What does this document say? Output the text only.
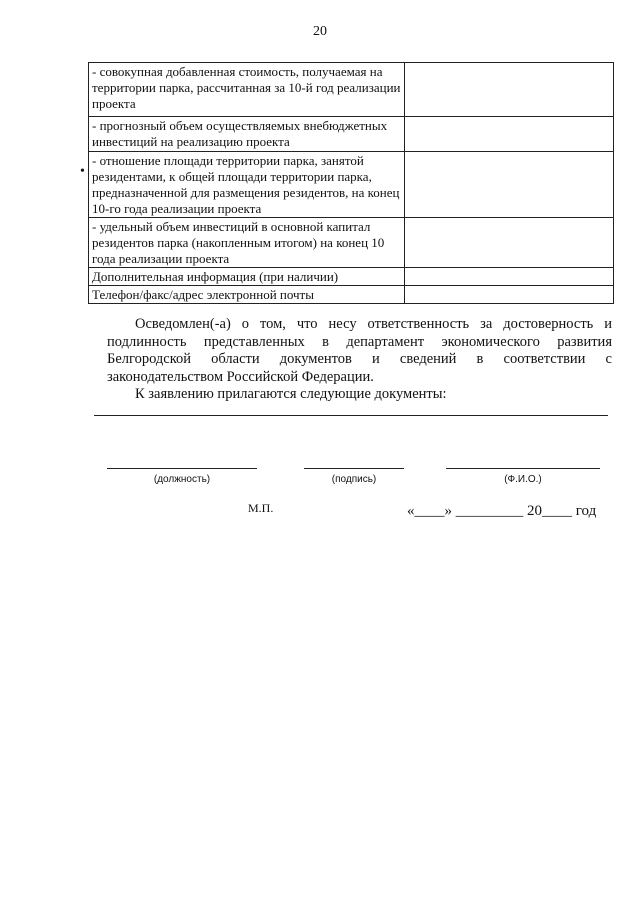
20
- совокупная добавленная стоимость, получаемая на территории парка, рассчитанная за 10-й год реализации проекта	
- прогнозный объем осуществляемых внебюджетных инвестиций на реализацию проекта	
- отношение площади территории парка, занятой резидентами, к общей площади территории парка, предназначенной для размещения резидентов, на конец 10-го года реализации проекта	
- удельный объем инвестиций в основной капитал резидентов парка (накопленным итогом) на конец 10 года реализации проекта	
Дополнительная информация (при наличии)	
Телефон/факс/адрес электронной почты	
•
Осведомлен(-а) о том, что несу ответственность за достоверность и подлинность представленных в департамент экономического развития Белгородской области документов и сведений в соответствии с законодательством Российской Федерации.
К заявлению прилагаются следующие документы:
(должность)	(подпись)	(Ф.И.О.)
М.П.	«____» _________ 20____ год
